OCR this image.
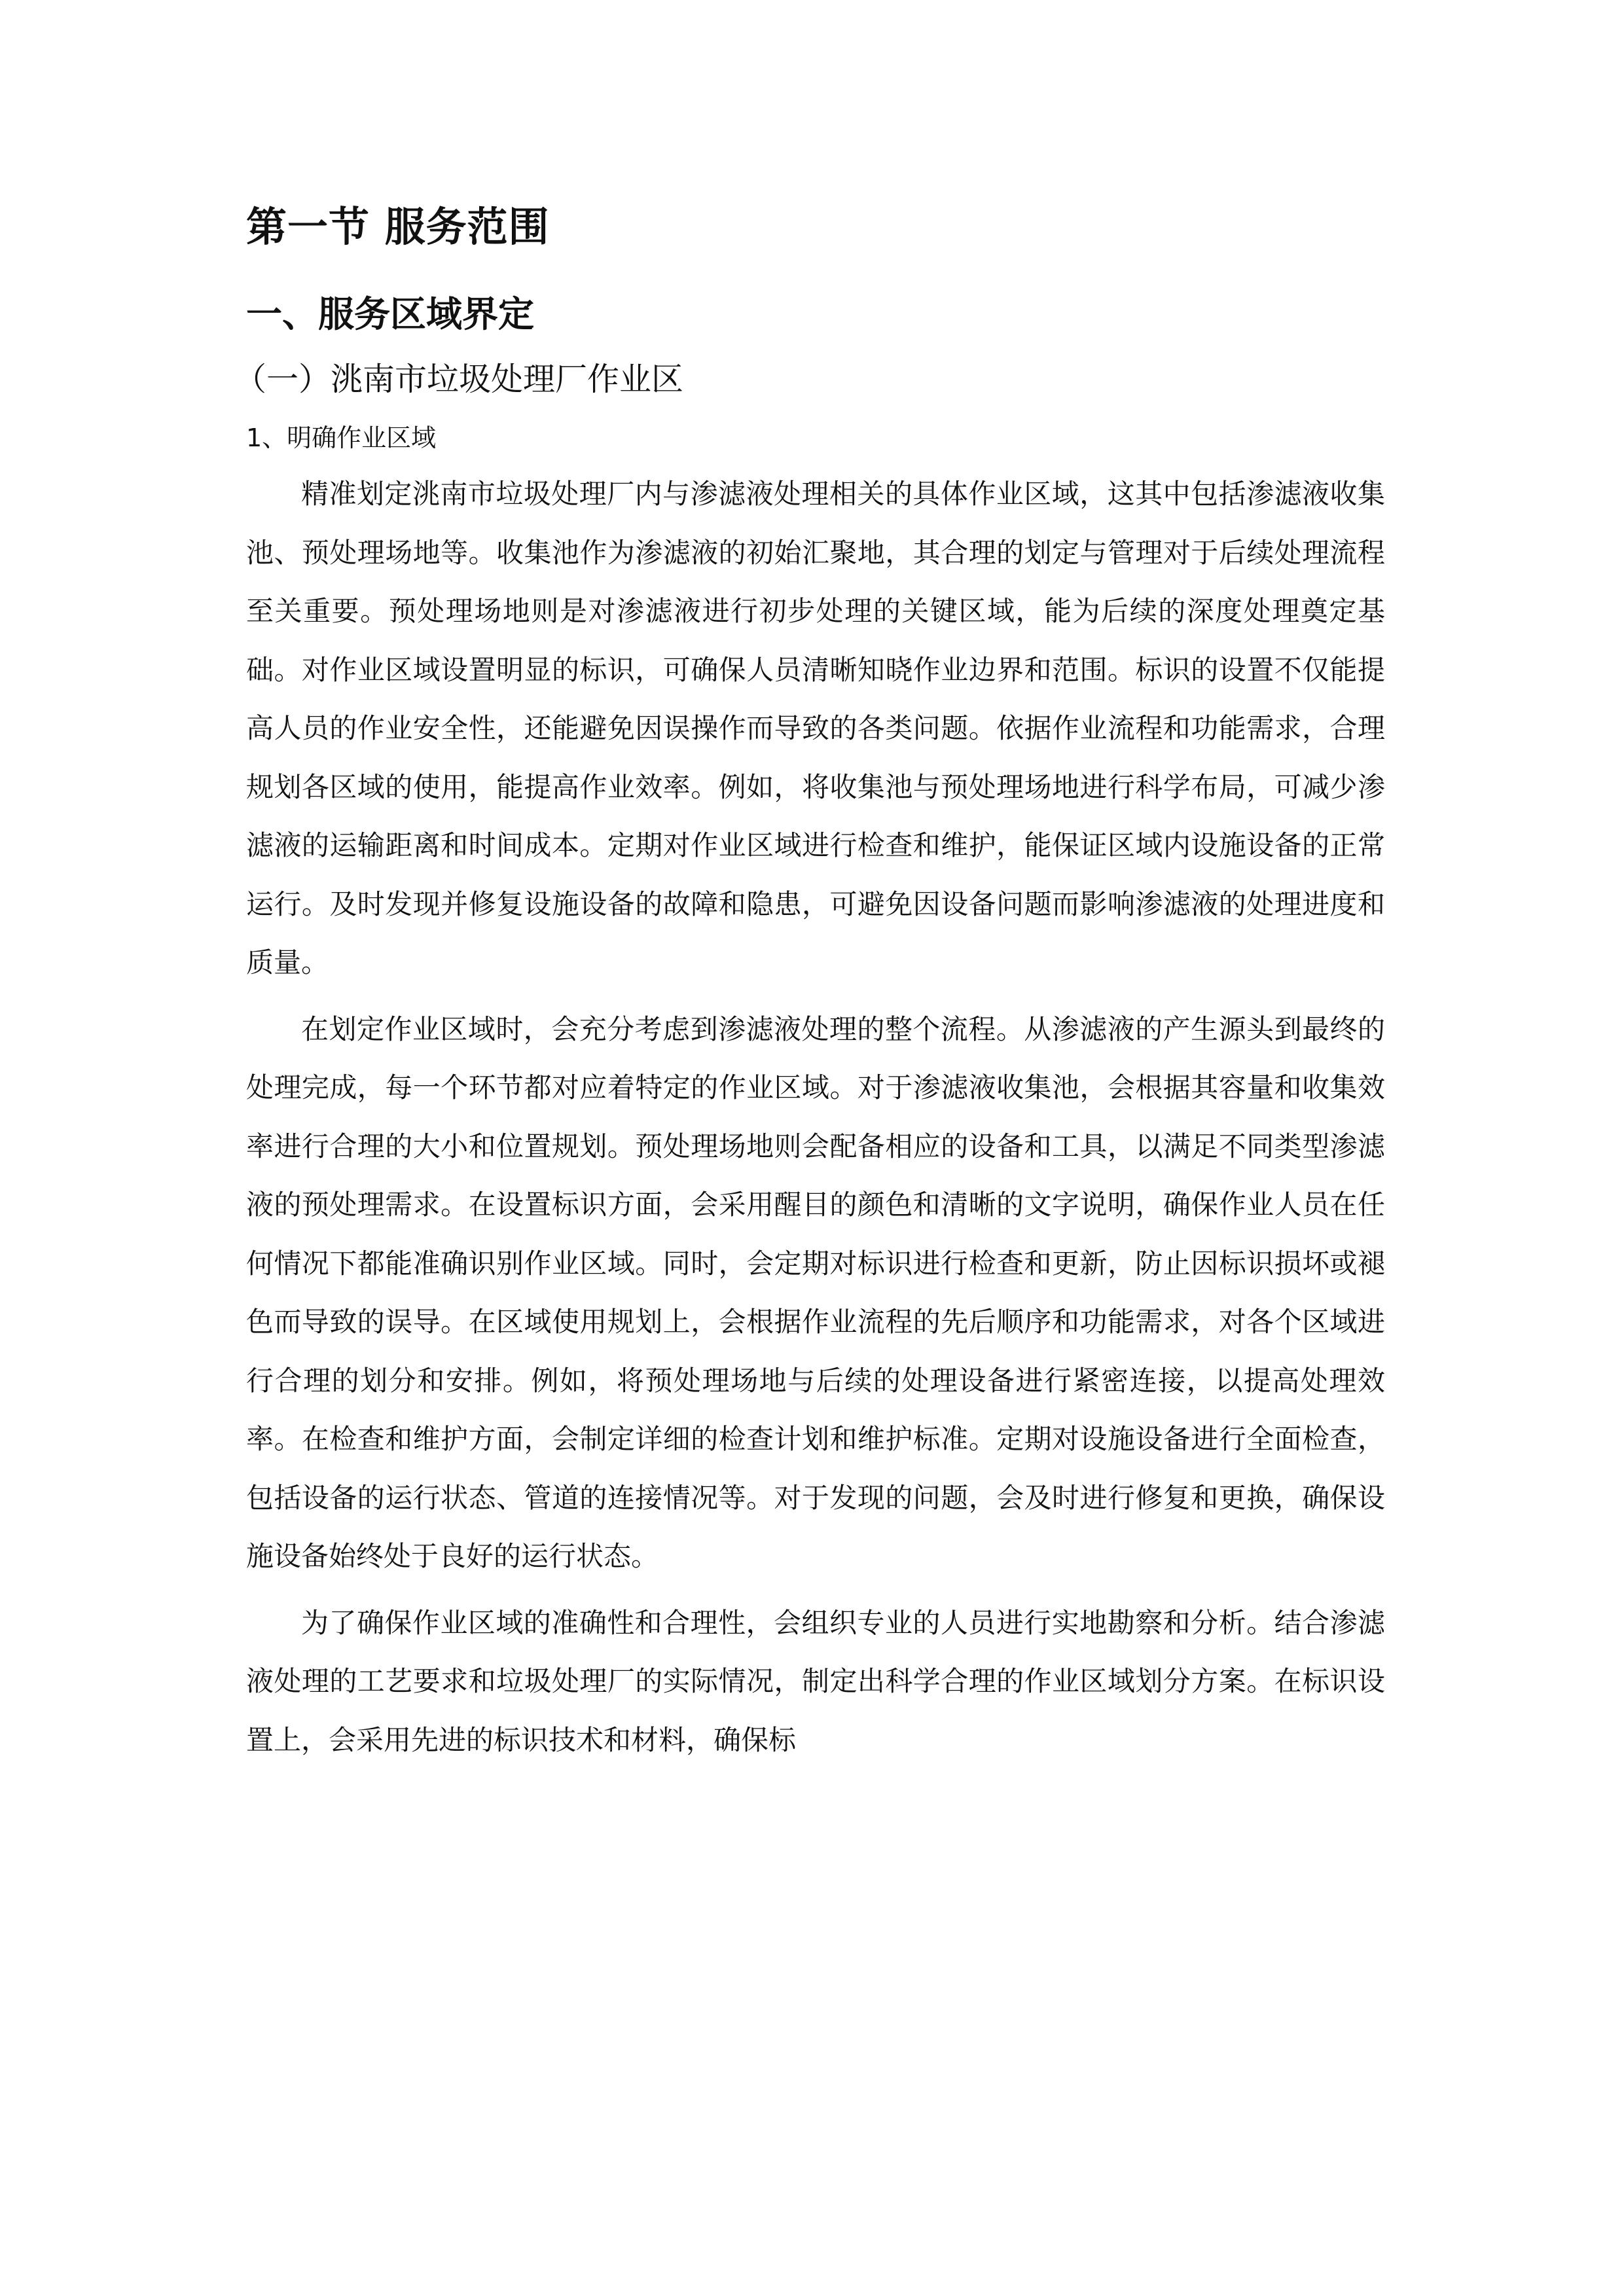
第一节 服务范围
一、服务区域界定
（一）洮南市垃圾处理厂作业区
1、明确作业区域

精准划定洮南市垃圾处理厂内与渗滤液处理相关的具体作业区域，这其中包括渗滤液收集池、预处理场地等。收集池作为渗滤液的初始汇聚地，其合理的划定与管理对于后续处理流程至关重要。预处理场地则是对渗滤液进行初步处理的关键区域，能为后续的深度处理奠定基础。对作业区域设置明显的标识，可确保人员清晰知晓作业边界和范围。标识的设置不仅能提高人员的作业安全性，还能避免因误操作而导致的各类问题。依据作业流程和功能需求，合理规划各区域的使用，能提高作业效率。例如，将收集池与预处理场地进行科学布局，可减少渗滤液的运输距离和时间成本。定期对作业区域进行检查和维护，能保证区域内设施设备的正常运行。及时发现并修复设施设备的故障和隐患，可避免因设备问题而影响渗滤液的处理进度和质量。

在划定作业区域时，会充分考虑到渗滤液处理的整个流程。从渗滤液的产生源头到最终的处理完成，每一个环节都对应着特定的作业区域。对于渗滤液收集池，会根据其容量和收集效率进行合理的大小和位置规划。预处理场地则会配备相应的设备和工具，以满足不同类型渗滤液的预处理需求。在设置标识方面，会采用醒目的颜色和清晰的文字说明，确保作业人员在任何情况下都能准确识别作业区域。同时，会定期对标识进行检查和更新，防止因标识损坏或褪色而导致的误导。在区域使用规划上，会根据作业流程的先后顺序和功能需求，对各个区域进行合理的划分和安排。例如，将预处理场地与后续的处理设备进行紧密连接，以提高处理效率。在检查和维护方面，会制定详细的检查计划和维护标准。定期对设施设备进行全面检查，包括设备的运行状态、管道的连接情况等。对于发现的问题，会及时进行修复和更换，确保设施设备始终处于良好的运行状态。

为了确保作业区域的准确性和合理性，会组织专业的人员进行实地勘察和分析。结合渗滤液处理的工艺要求和垃圾处理厂的实际情况，制定出科学合理的作业区域划分方案。在标识设置上，会采用先进的标识技术和材料，确保标
